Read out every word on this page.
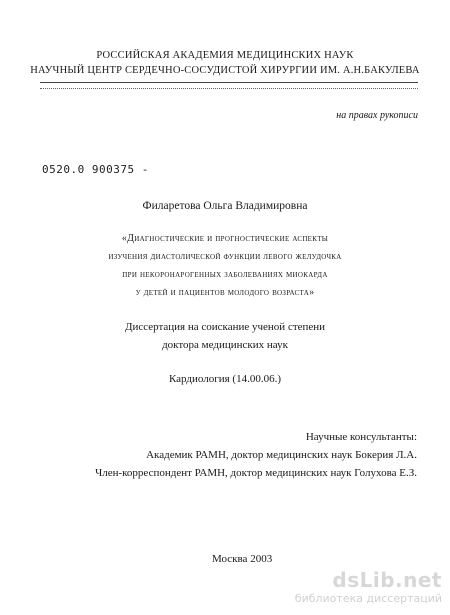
РОССИЙСКАЯ АКАДЕМИЯ МЕДИЦИНСКИХ НАУК
НАУЧНЫЙ ЦЕНТР СЕРДЕЧНО-СОСУДИСТОЙ ХИРУРГИИ ИМ. А.Н.БАКУЛЕВА
на правах рукописи
0520.0 900375 -
Филаретова Ольга Владимировна
«Диагностические и прогностические аспекты
изучения диастолической функции левого желудочка
при некоронарогенных заболеваниях миокарда
у детей и пациентов молодого возраста»
Диссертация на соискание ученой степени
доктора медицинских наук
Кардиология (14.00.06.)
Научные консультанты:
Академик РАМН, доктор медицинских наук Бокерия Л.А.
Член-корреспондент РАМН, доктор медицинских наук Голухова Е.З.
Москва 2003
dsLib.net
библиотека диссертаций
